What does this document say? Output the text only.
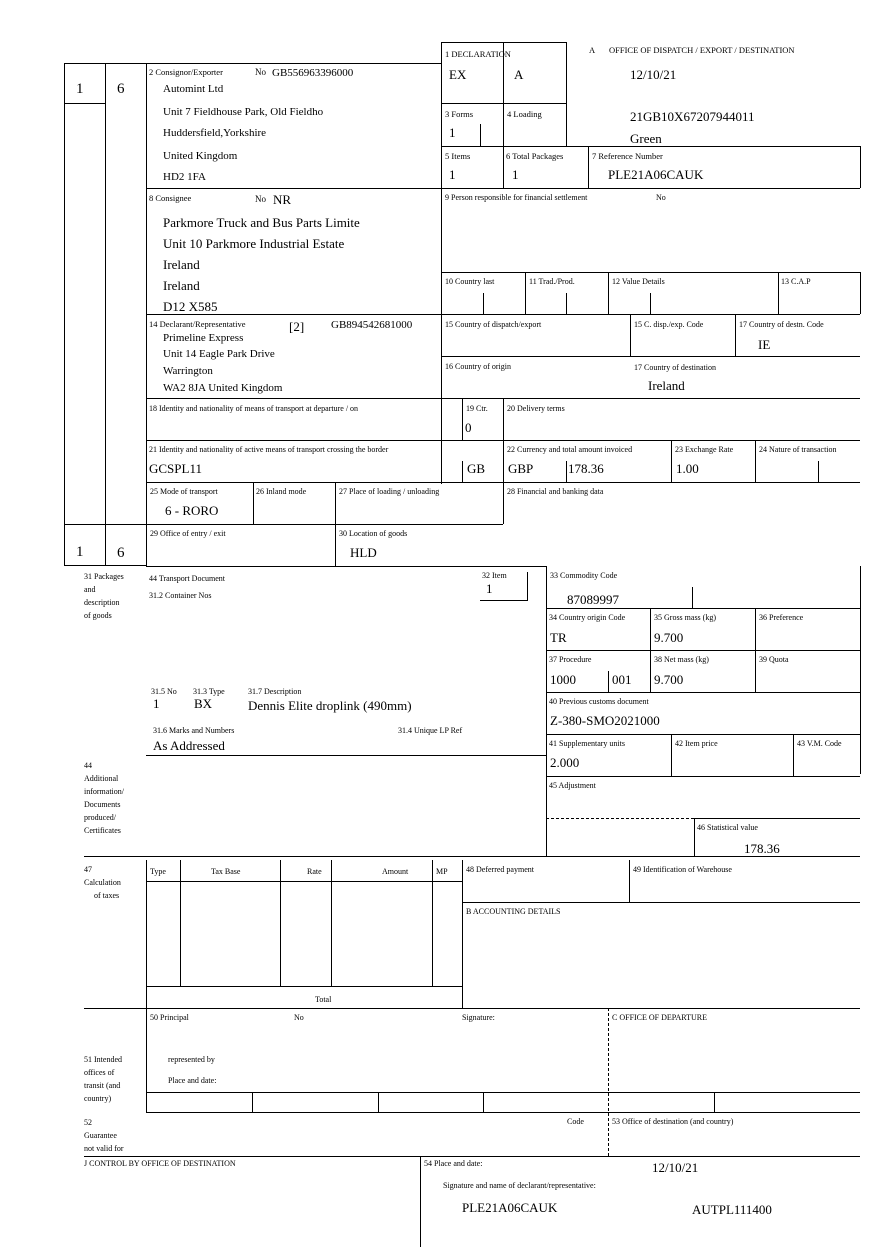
1 6
1 6
1 DECLARATION
EX	A
A OFFICE OF DISPATCH / EXPORT / DESTINATION
12/10/21
21GB10X67207944011
Green
2 Consignor/Exporter	No GB556963396000
Automint Ltd
Unit 7 Fieldhouse Park, Old Fieldho
Huddersfield,Yorkshire
United Kingdom
HD2 1FA
3 Forms
1
4 Loading
5 Items
1
6 Total Packages
1
7 Reference Number
PLE21A06CAUK
8 Consignee	No NR
Parkmore Truck and Bus Parts Limite
Unit 10 Parkmore Industrial Estate
Ireland
Ireland
D12 X585
9 Person responsible for financial settlement	No
10 Country last	11 Trad./Prod.	12 Value Details	13 C.A.P
14 Declarant/Representative	[2] GB894542681000
Primeline Express
Unit 14 Eagle Park Drive
Warrington
WA2 8JA United Kingdom
15 Country of dispatch/export	15 C. disp./exp. Code	17 Country of destn. Code
IE
16 Country of origin	17 Country of destination
Ireland
18 Identity and nationality of means of transport at departure / on	19 Ctr.
0
20 Delivery terms
21 Identity and nationality of active means of transport crossing the border
GCSPL11	GB
22 Currency and total amount invoiced
GBP	178.36
23 Exchange Rate
1.00
24 Nature of transaction
25 Mode of transport
6 - RORO
26 Inland mode	27 Place of loading / unloading	28 Financial and banking data
29 Office of entry / exit	30 Location of goods
HLD
31 Packages
and
description
of goods
44 Transport Document
31.2 Container Nos
32 Item
1
33 Commodity Code
87089997
34 Country origin Code
TR
35 Gross mass (kg)
9.700
36 Preference
37 Procedure
1000	001
38 Net mass (kg)
9.700
39 Quota
31.5 No
1
31.3 Type
BX
31.7 Description
Dennis Elite droplink (490mm)	40 Previous customs document
Z-380-SMO2021000
31.6 Marks and Numbers
As Addressed
31.4 Unique LP Ref
41 Supplementary units
2.000
42 Item price	43 V.M. Code
44
Additional
information/
Documents
produced/
Certificates
45 Adjustment
46 Statistical value
178.36
47
Calculation
of taxes
Type	Tax Base	Rate	Amount	MP
Total
48 Deferred payment	49 Identification of Warehouse
B ACCOUNTING DETAILS
50 Principal	No	Signature:	C OFFICE OF DEPARTURE
represented by
Place and date:
51 Intended
offices of
transit (and
country)
52
Guarantee
not valid for
Code	53 Office of destination (and country)
J CONTROL BY OFFICE OF DESTINATION	54 Place and date:	12/10/21
Signature and name of declarant/representative:
PLE21A06CAUK	AUTPL111400
